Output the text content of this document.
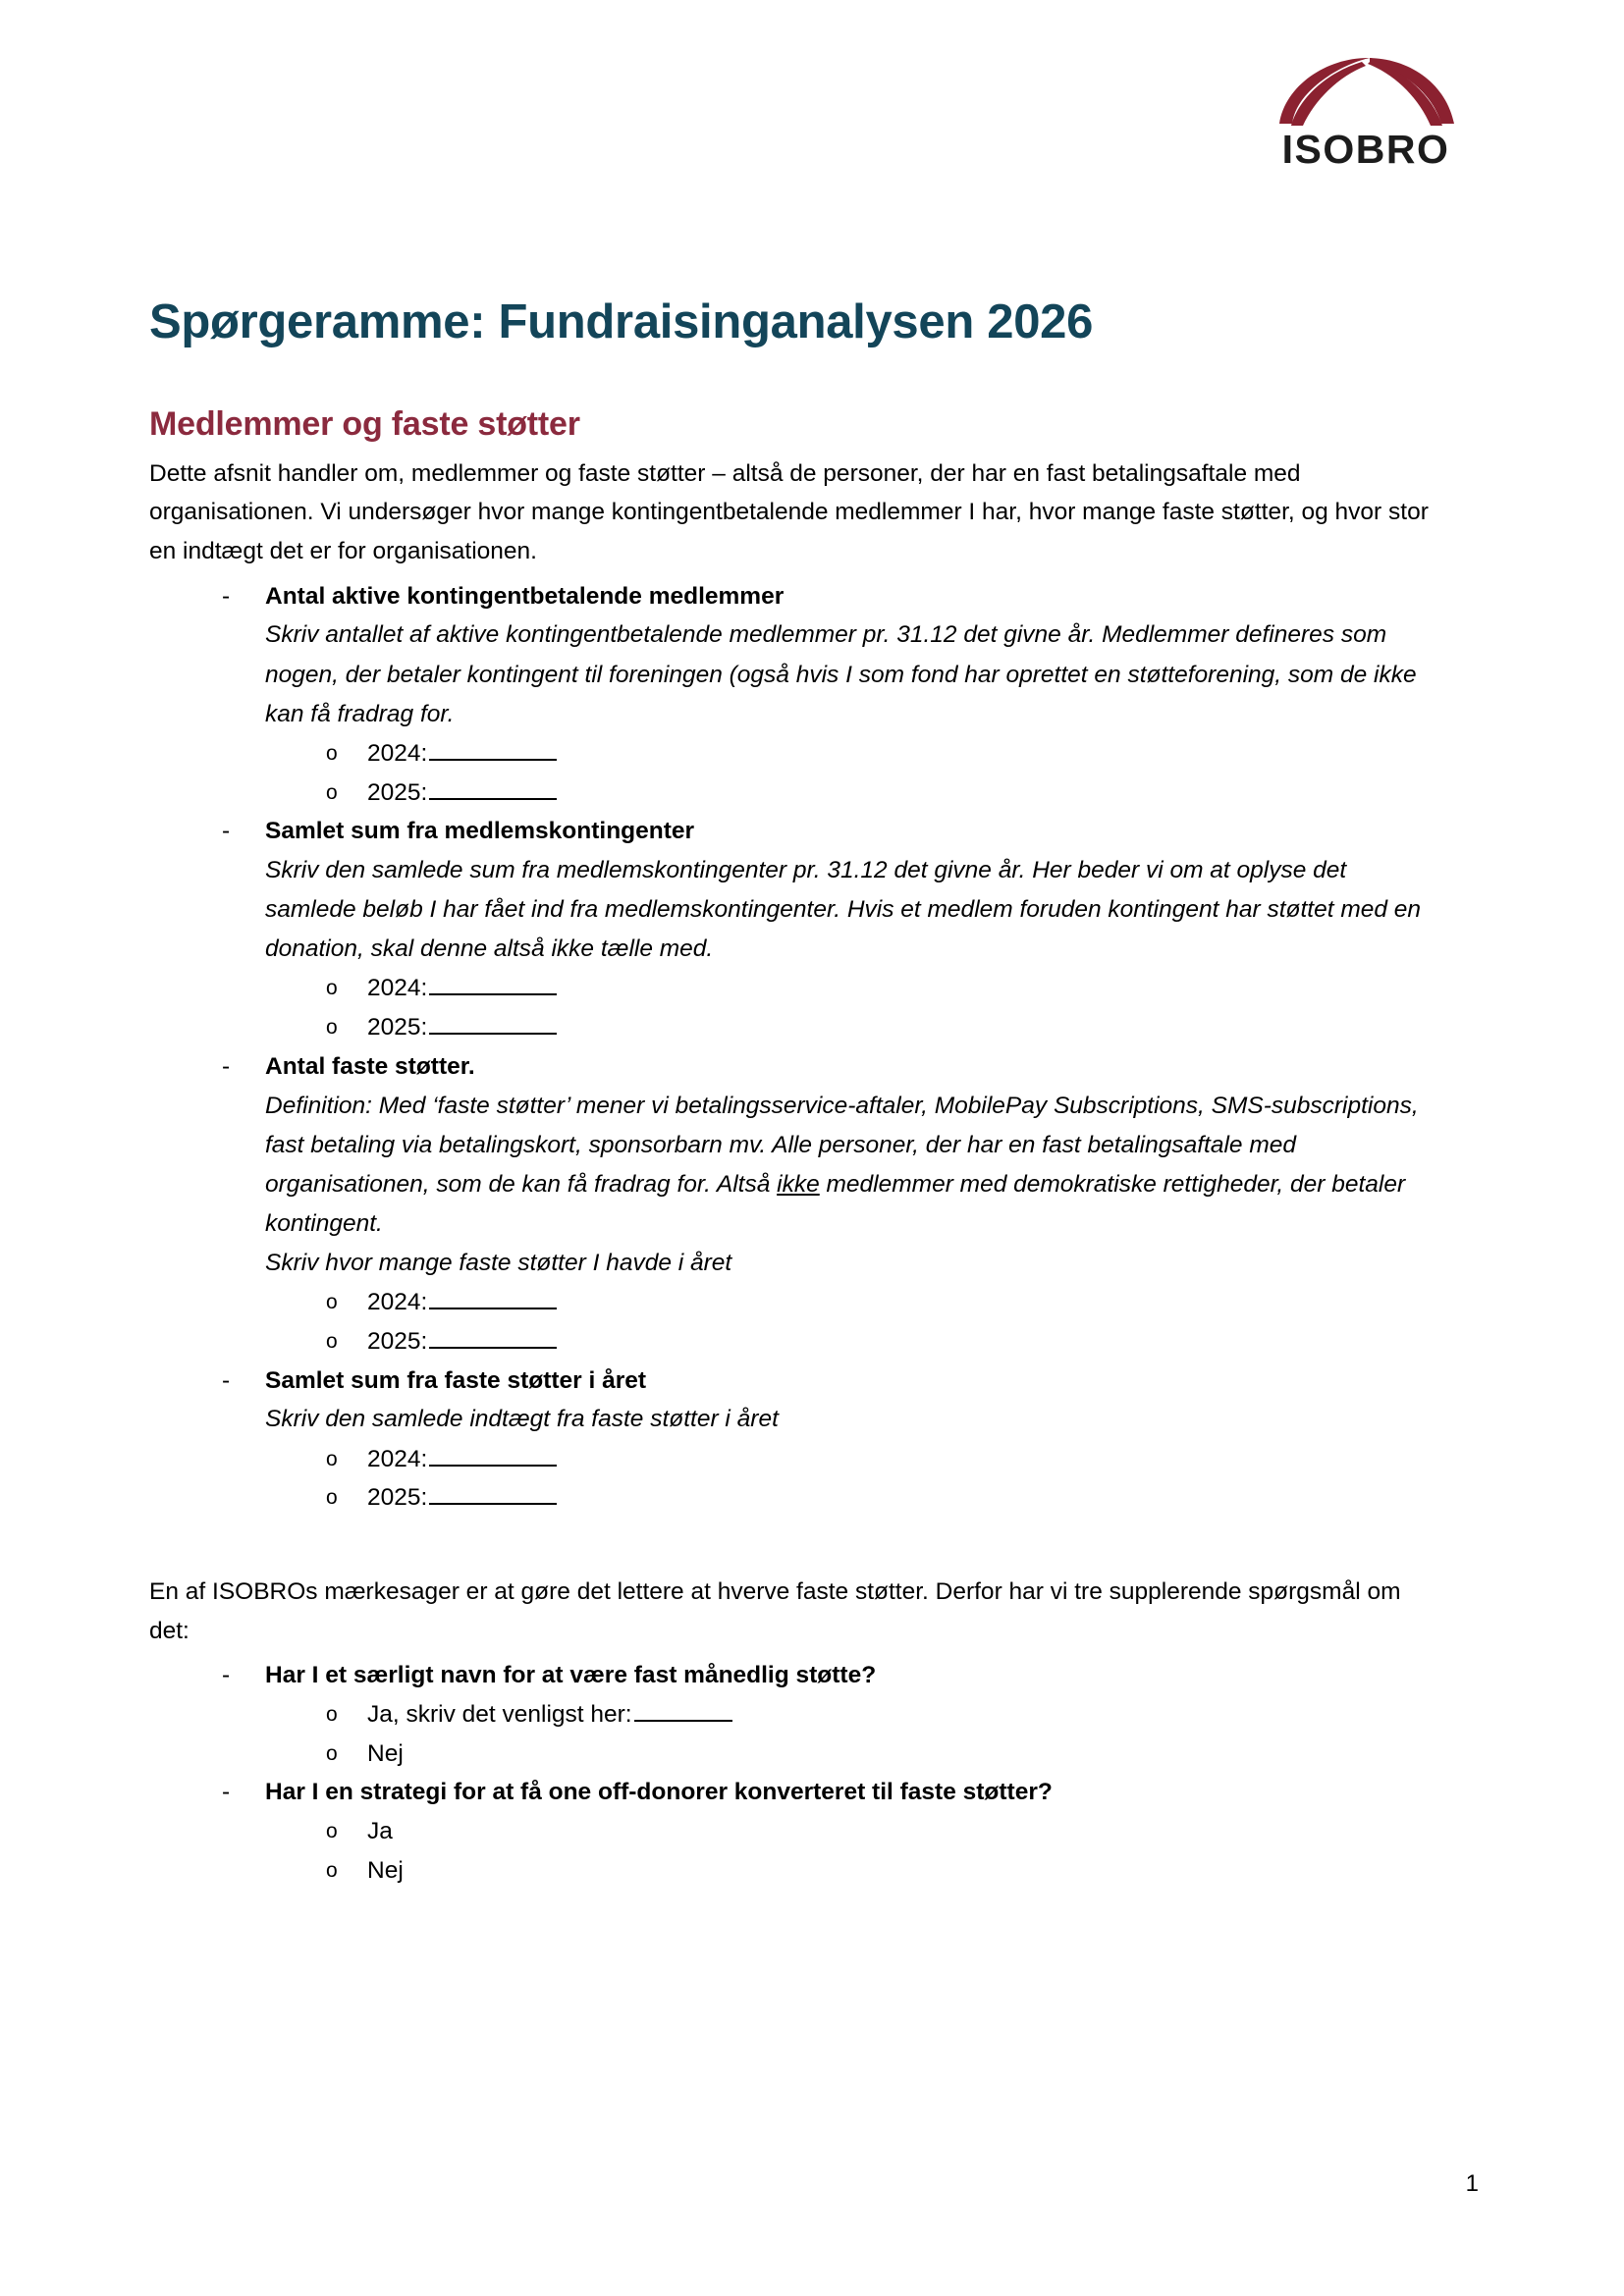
ISOBRO
Spørgeramme: Fundraisinganalysen 2026
Medlemmer og faste støtter

Dette afsnit handler om, medlemmer og faste støtter – altså de personer, der har en fast betalingsaftale med organisationen. Vi undersøger hvor mange kontingentbetalende medlemmer I har, hvor mange faste støtter, og hvor stor en indtægt det er for organisationen.

- Antal aktive kontingentbetalende medlemmer
Skriv antallet af aktive kontingentbetalende medlemmer pr. 31.12 det givne år. Medlemmer defineres som nogen, der betaler kontingent til foreningen (også hvis I som fond har oprettet en støtteforening, som de ikke kan få fradrag for.
o 2024:
o 2025:
- Samlet sum fra medlemskontingenter
Skriv den samlede sum fra medlemskontingenter pr. 31.12 det givne år. Her beder vi om at oplyse det samlede beløb I har fået ind fra medlemskontingenter. Hvis et medlem foruden kontingent har støttet med en donation, skal denne altså ikke tælle med.
o 2024:
o 2025:
- Antal faste støtter.
Definition: Med ‘faste støtter’ mener vi betalingsservice-aftaler, MobilePay Subscriptions, SMS-subscriptions, fast betaling via betalingskort, sponsorbarn mv. Alle personer, der har en fast betalingsaftale med organisationen, som de kan få fradrag for. Altså ikke medlemmer med demokratiske rettigheder, der betaler kontingent.
Skriv hvor mange faste støtter I havde i året
o 2024:
o 2025:
- Samlet sum fra faste støtter i året
Skriv den samlede indtægt fra faste støtter i året
o 2024:
o 2025:

En af ISOBROs mærkesager er at gøre det lettere at hverve faste støtter. Derfor har vi tre supplerende spørgsmål om det:

- Har I et særligt navn for at være fast månedlig støtte?
o Ja, skriv det venligst her:
o Nej
- Har I en strategi for at få one off-donorer konverteret til faste støtter?
o Ja
o Nej
1
